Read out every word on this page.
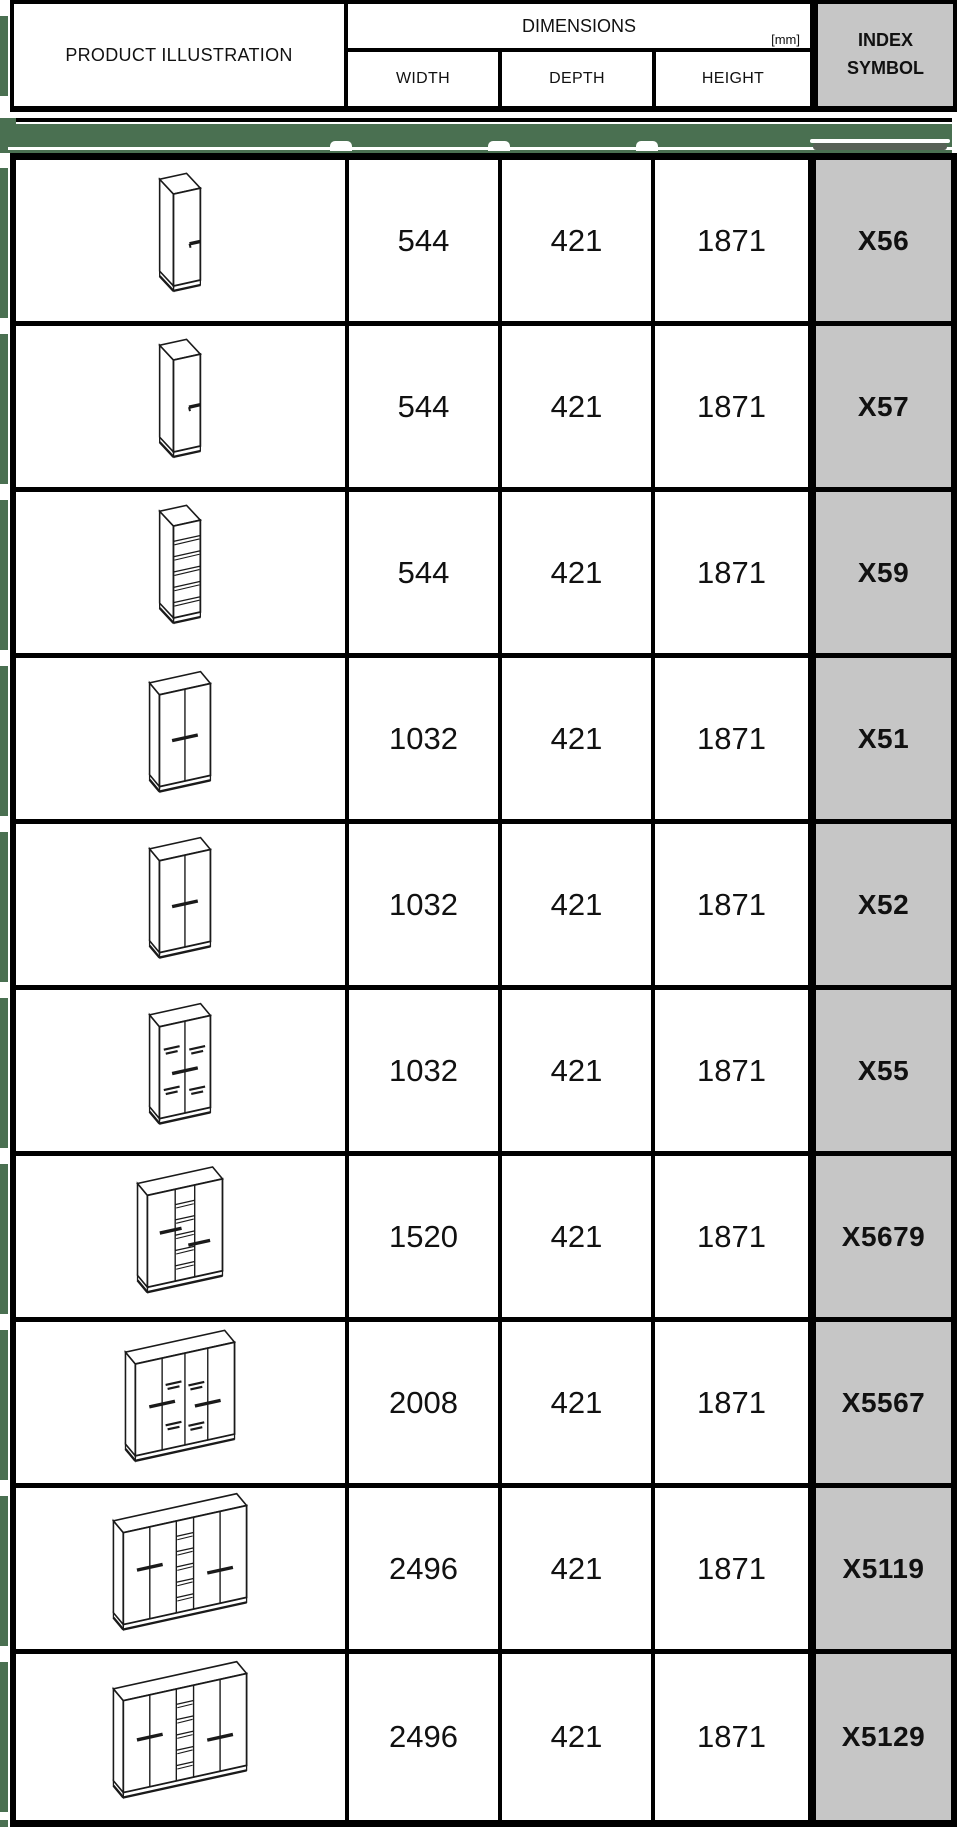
PRODUCT ILLUSTRATION
DIMENSIONS
[mm]
WIDTH	DEPTH	HEIGHT
INDEX SYMBOL
544	421	1871	X56
544	421	1871	X57
544	421	1871	X59
1032	421	1871	X51
1032	421	1871	X52
1032	421	1871	X55
1520	421	1871	X5679
2008	421	1871	X5567
2496	421	1871	X5119
2496	421	1871	X5129
